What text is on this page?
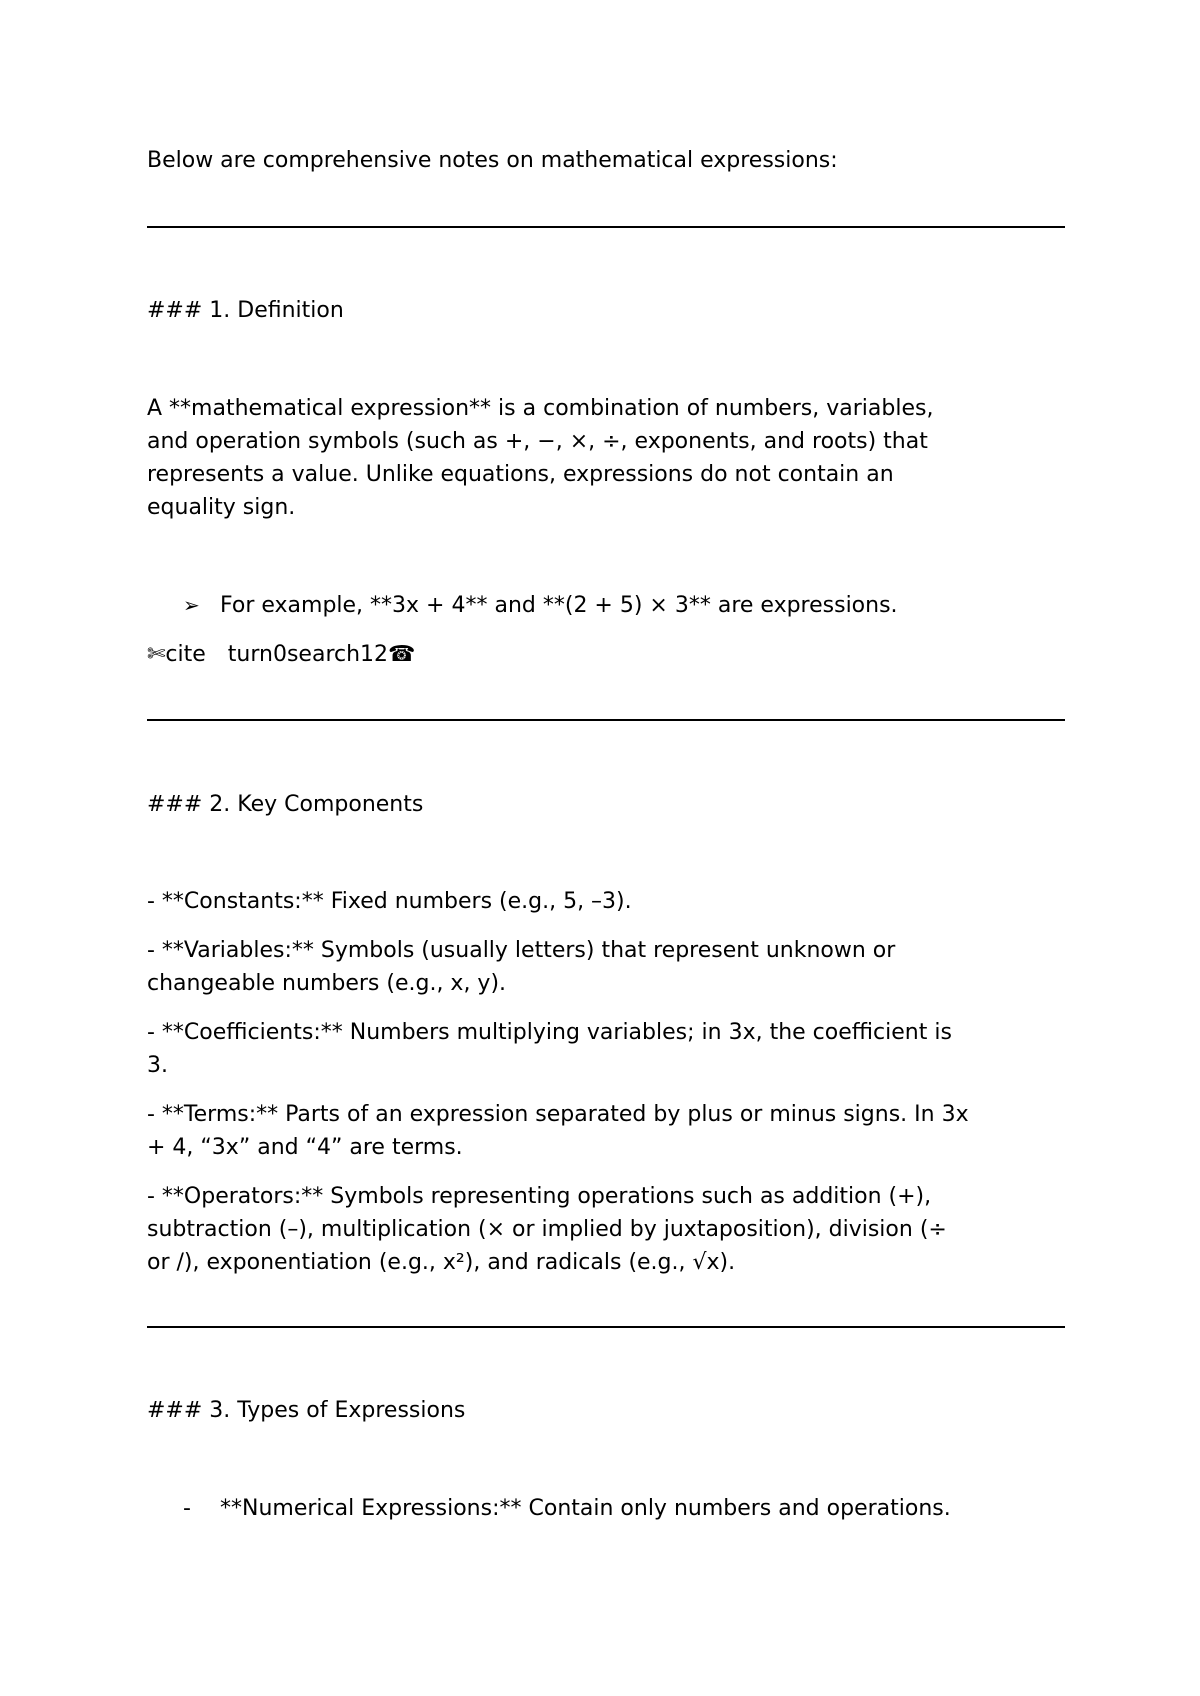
Below are comprehensive notes on mathematical expressions:

### 1. Definition

A **mathematical expression** is a combination of numbers, variables,

and operation symbols (such as +, −, ×, ÷, exponents, and roots) that

represents a value. Unlike equations, expressions do not contain an

equality sign.

➢ For example, **3x + 4** and **(2 + 5) × 3** are expressions.

✄cite turn0search12☎

### 2. Key Components

- **Constants:** Fixed numbers (e.g., 5, –3).

- **Variables:** Symbols (usually letters) that represent unknown or

changeable numbers (e.g., x, y).

- **Coefficients:** Numbers multiplying variables; in 3x, the coefficient is

3.

- **Terms:** Parts of an expression separated by plus or minus signs. In 3x

+ 4, “3x” and “4” are terms.

- **Operators:** Symbols representing operations such as addition (+),

subtraction (–), multiplication (× or implied by juxtaposition), division (÷

or /), exponentiation (e.g., x²), and radicals (e.g., √x).

### 3. Types of Expressions

- **Numerical Expressions:** Contain only numbers and operations.
